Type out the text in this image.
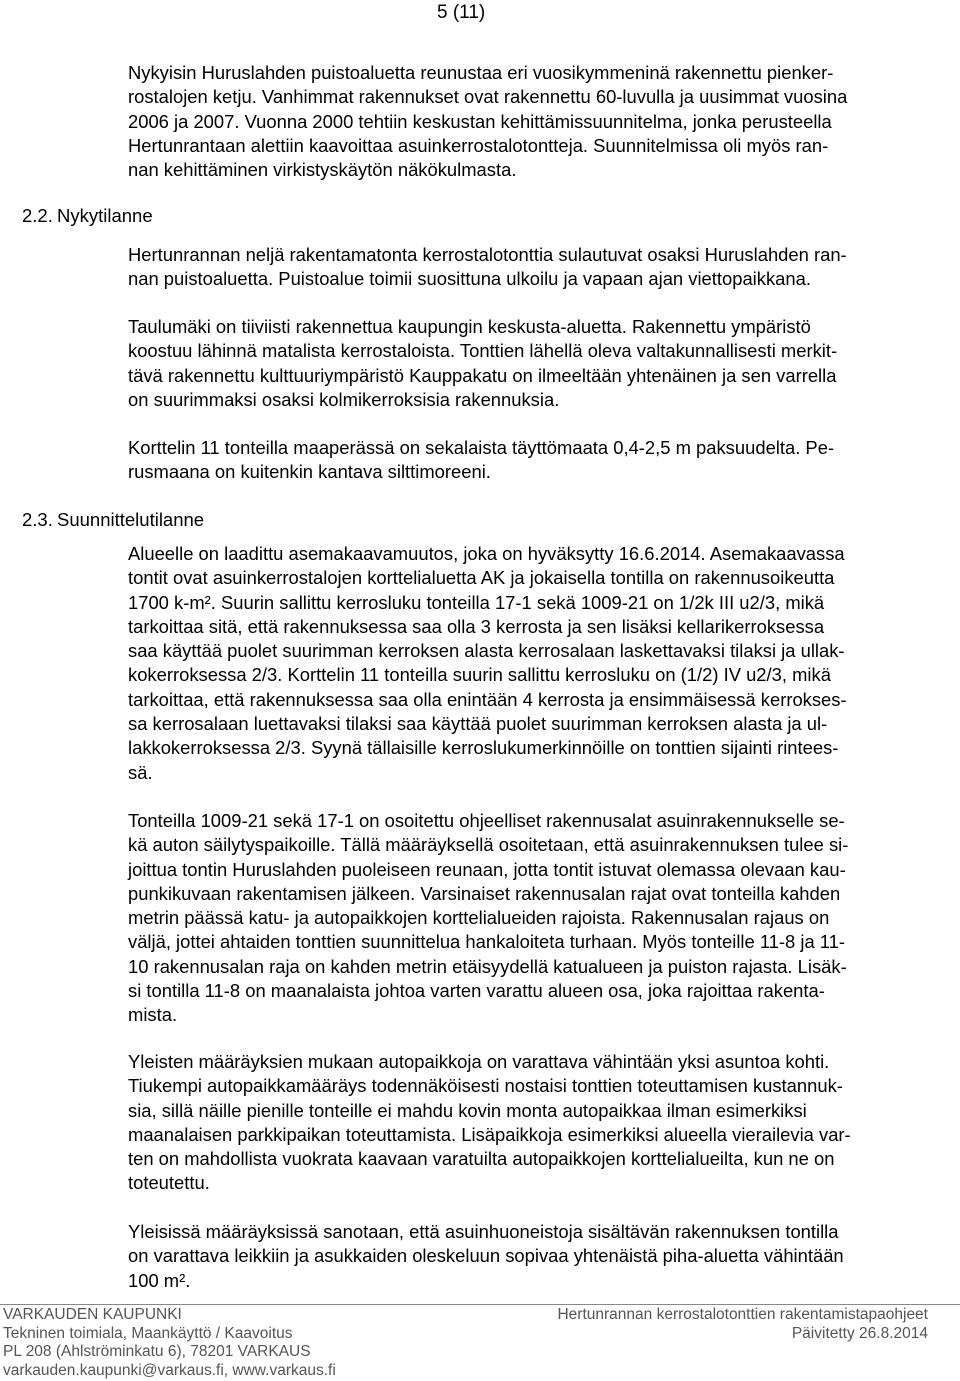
5 (11)
2.2. Nykytilanne
2.3. Suunnittelutilanne
Nykyisin Huruslahden puistoaluetta reunustaa eri vuosikymmeninä rakennettu pienker-
rostalojen ketju. Vanhimmat rakennukset ovat rakennettu 60-luvulla ja uusimmat vuosina
2006 ja 2007. Vuonna 2000 tehtiin keskustan kehittämissuunnitelma, jonka perusteella
Hertunrantaan alettiin kaavoittaa asuinkerrostalotontteja. Suunnitelmissa oli myös ran-
nan kehittäminen virkistyskäytön näkökulmasta.
Hertunrannan neljä rakentamatonta kerrostalotonttia sulautuvat osaksi Huruslahden ran-
nan puistoaluetta. Puistoalue toimii suosittuna ulkoilu ja vapaan ajan viettopaikkana.
Taulumäki on tiiviisti rakennettua kaupungin keskusta-aluetta. Rakennettu ympäristö
koostuu lähinnä matalista kerrostaloista. Tonttien lähellä oleva valtakunnallisesti merkit-
tävä rakennettu kulttuuriympäristö Kauppakatu on ilmeeltään yhtenäinen ja sen varrella
on suurimmaksi osaksi kolmikerroksisia rakennuksia.
Korttelin 11 tonteilla maaperässä on sekalaista täyttömaata 0,4-2,5 m paksuudelta. Pe-
rusmaana on kuitenkin kantava silttimoreeni.
Alueelle on laadittu asemakaavamuutos, joka on hyväksytty 16.6.2014. Asemakaavassa
tontit ovat asuinkerrostalojen korttelialuetta AK ja jokaisella tontilla on rakennusoikeutta
1700 k-m². Suurin sallittu kerrosluku tonteilla 17-1 sekä 1009-21 on 1/2k III u2/3, mikä
tarkoittaa sitä, että rakennuksessa saa olla 3 kerrosta ja sen lisäksi kellarikerroksessa
saa käyttää puolet suurimman kerroksen alasta kerrosalaan laskettavaksi tilaksi ja ullak-
kokerroksessa 2/3. Korttelin 11 tonteilla suurin sallittu kerrosluku on (1/2) IV u2/3, mikä
tarkoittaa, että rakennuksessa saa olla enintään 4 kerrosta ja ensimmäisessä kerrokses-
sa kerrosalaan luettavaksi tilaksi saa käyttää puolet suurimman kerroksen alasta ja ul-
lakkokerroksessa 2/3. Syynä tällaisille kerroslukumerkinnöille on tonttien sijainti rintees-
sä.
Tonteilla 1009-21 sekä 17-1 on osoitettu ohjeelliset rakennusalat asuinrakennukselle se-
kä auton säilytyspaikoille. Tällä määräyksellä osoitetaan, että asuinrakennuksen tulee si-
joittua tontin Huruslahden puoleiseen reunaan, jotta tontit istuvat olemassa olevaan kau-
punkikuvaan rakentamisen jälkeen. Varsinaiset rakennusalan rajat ovat tonteilla kahden
metrin päässä katu- ja autopaikkojen korttelialueiden rajoista. Rakennusalan rajaus on
väljä, jottei ahtaiden tonttien suunnittelua hankaloiteta turhaan. Myös tonteille 11-8 ja 11-
10 rakennusalan raja on kahden metrin etäisyydellä katualueen ja puiston rajasta. Lisäk-
si tontilla 11-8 on maanalaista johtoa varten varattu alueen osa, joka rajoittaa rakenta-
mista.
Yleisten määräyksien mukaan autopaikkoja on varattava vähintään yksi asuntoa kohti.
Tiukempi autopaikkamääräys todennäköisesti nostaisi tonttien toteuttamisen kustannuk-
sia, sillä näille pienille tonteille ei mahdu kovin monta autopaikkaa ilman esimerkiksi
maanalaisen parkkipaikan toteuttamista. Lisäpaikkoja esimerkiksi alueella vierailevia var-
ten on mahdollista vuokrata kaavaan varatuilta autopaikkojen korttelialueilta, kun ne on
toteutettu.
Yleisissä määräyksissä sanotaan, että asuinhuoneistoja sisältävän rakennuksen tontilla
on varattava leikkiin ja asukkaiden oleskeluun sopivaa yhtenäistä piha-aluetta vähintään
100 m².
VARKAUDEN KAUPUNKI
Tekninen toimiala, Maankäyttö / Kaavoitus
PL 208 (Ahlströminkatu 6), 78201 VARKAUS
varkauden.kaupunki@varkaus.fi, www.varkaus.fi
Hertunrannan kerrostalotonttien rakentamistapaohjeet
Päivitetty 26.8.2014
